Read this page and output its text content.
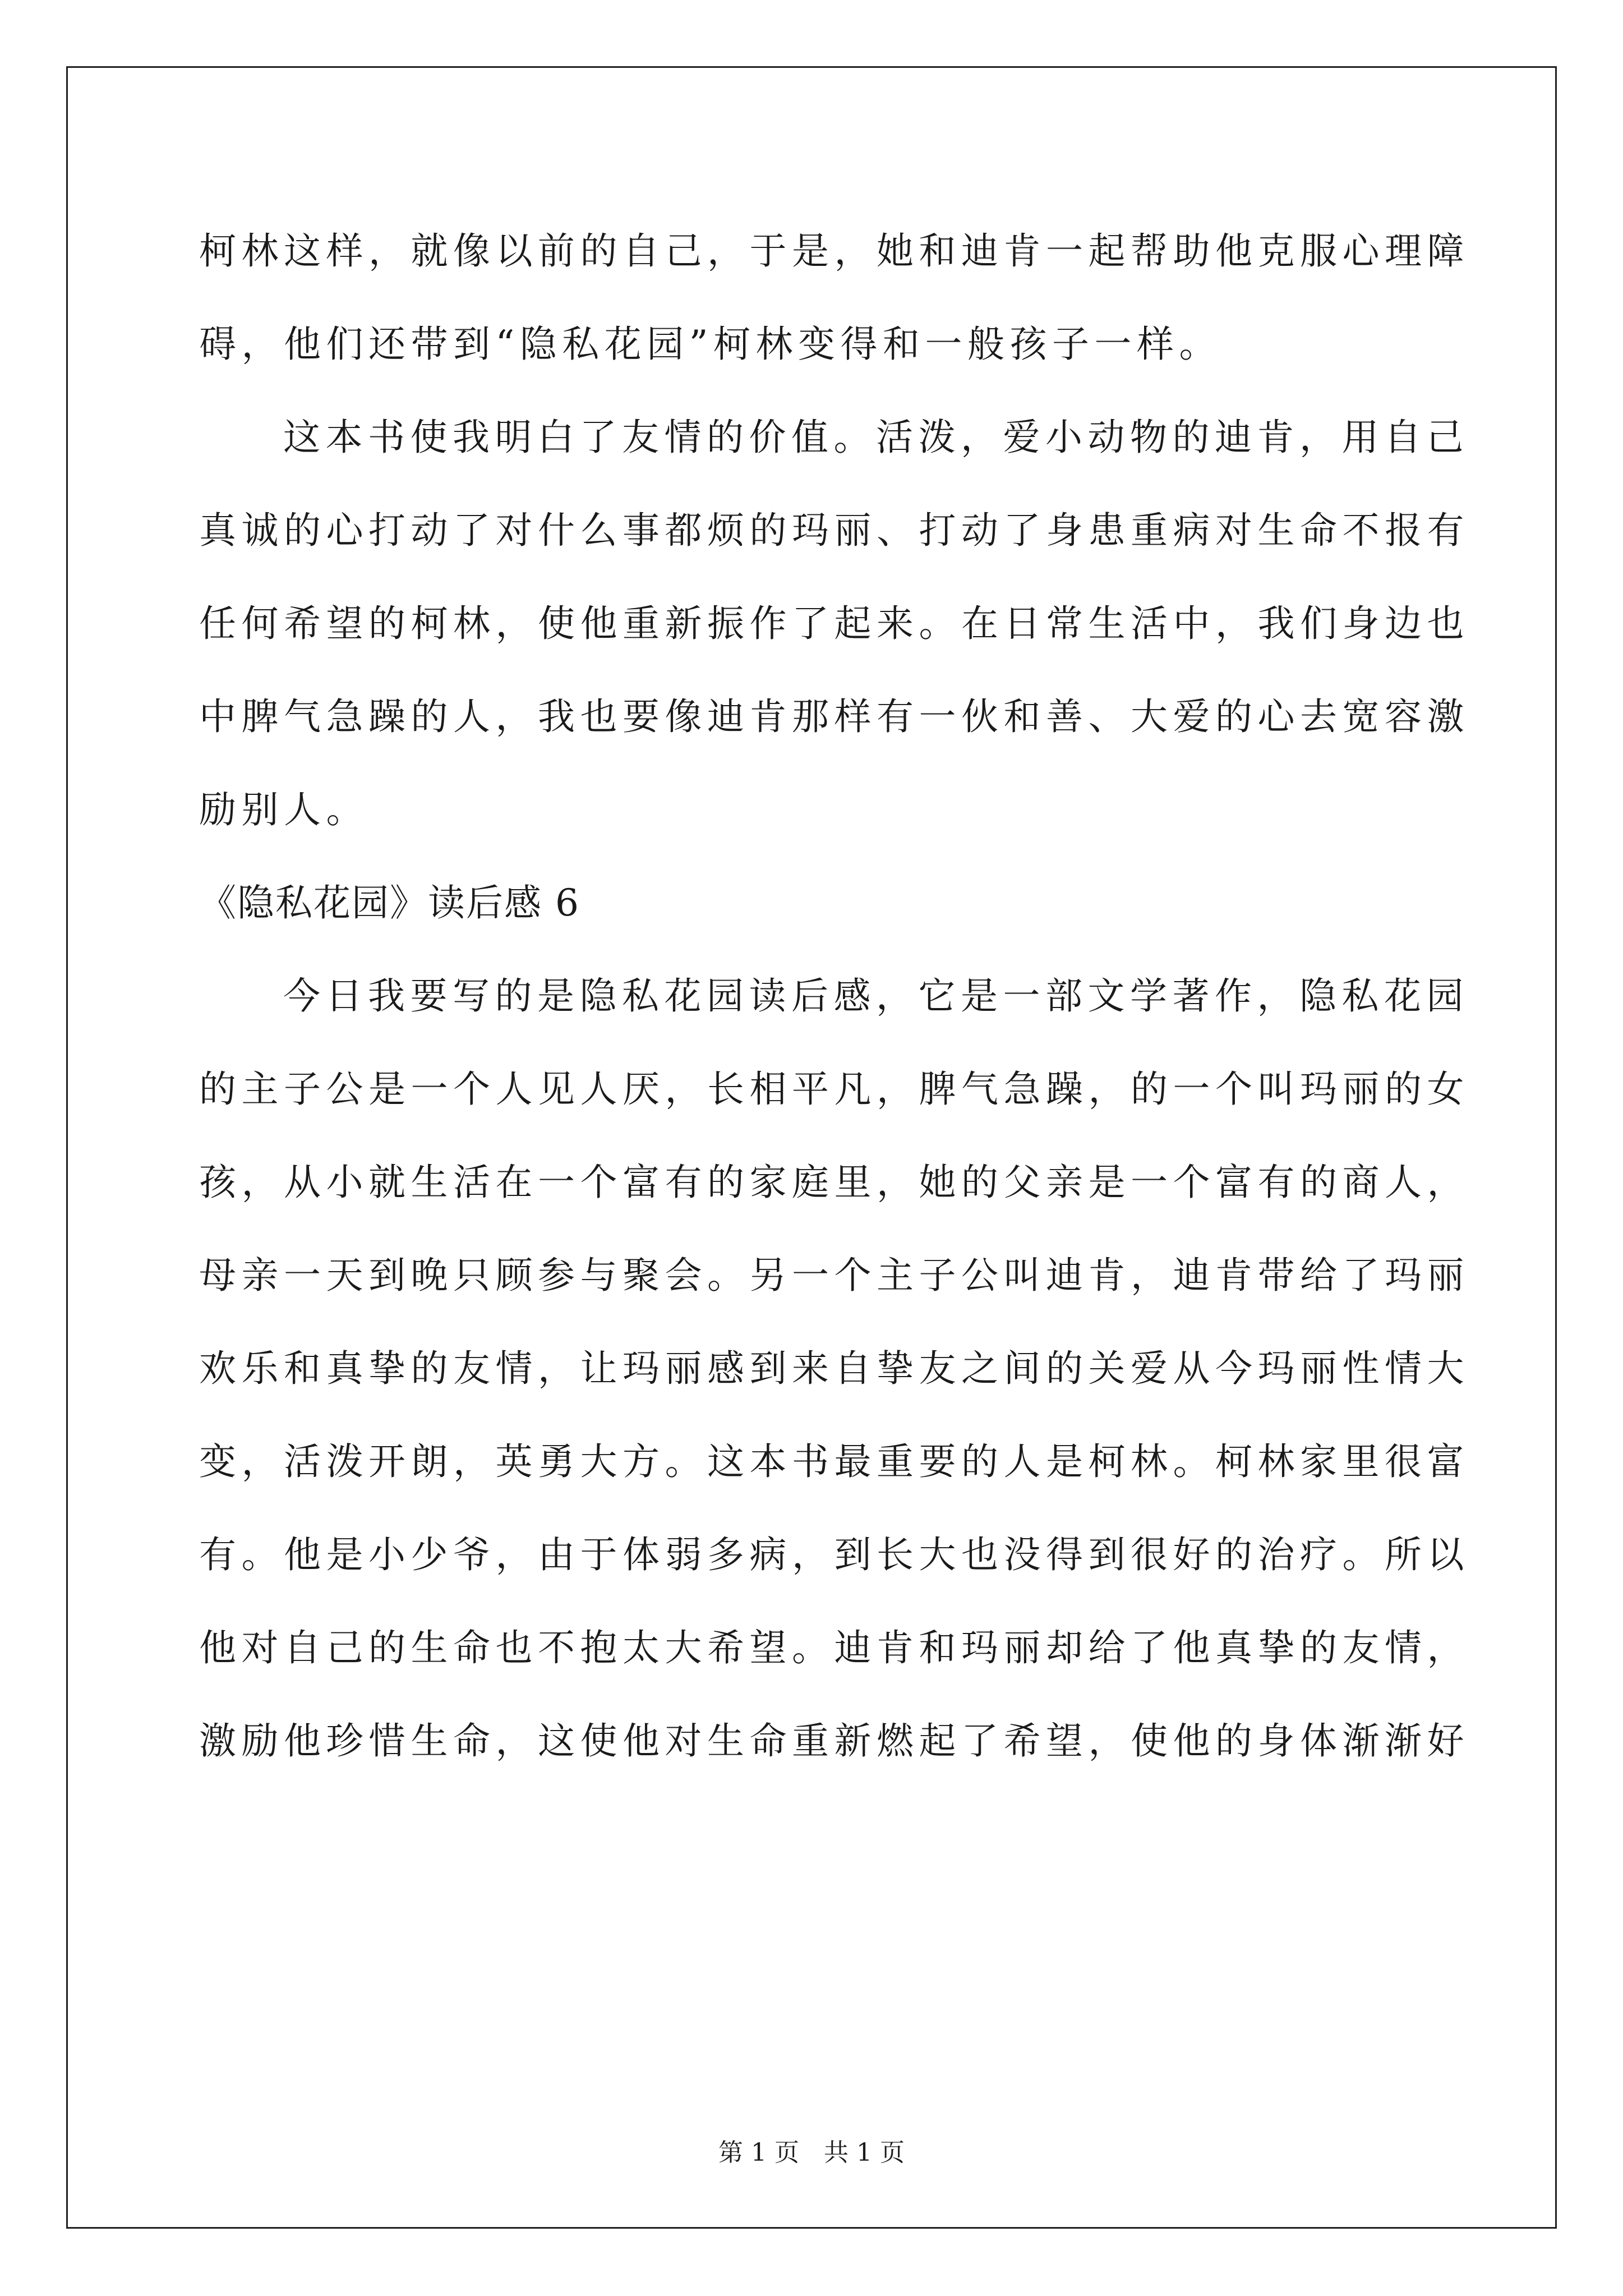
柯林这样，就像以前的自己，于是，她和迪肯一起帮助他克服心理障
碍，他们还带到“隐私花园”柯林变得和一般孩子一样。
这本书使我明白了友情的价值。活泼，爱小动物的迪肯，用自己
真诚的心打动了对什么事都烦的玛丽、打动了身患重病对生命不报有
任何希望的柯林，使他重新振作了起来。在日常生活中，我们身边也
中脾气急躁的人，我也要像迪肯那样有一伙和善、大爱的心去宽容激
励别人。
《隐私花园》读后感 6
今日我要写的是隐私花园读后感，它是一部文学著作，隐私花园
的主子公是一个人见人厌，长相平凡，脾气急躁，的一个叫玛丽的女
孩，从小就生活在一个富有的家庭里，她的父亲是一个富有的商人，
母亲一天到晚只顾参与聚会。另一个主子公叫迪肯，迪肯带给了玛丽
欢乐和真挚的友情，让玛丽感到来自挚友之间的关爱从今玛丽性情大
变，活泼开朗，英勇大方。这本书最重要的人是柯林。柯林家里很富
有。他是小少爷，由于体弱多病，到长大也没得到很好的治疗。所以
他对自己的生命也不抱太大希望。迪肯和玛丽却给了他真挚的友情，
激励他珍惜生命，这使他对生命重新燃起了希望，使他的身体渐渐好
第 1 页　共 1 页
